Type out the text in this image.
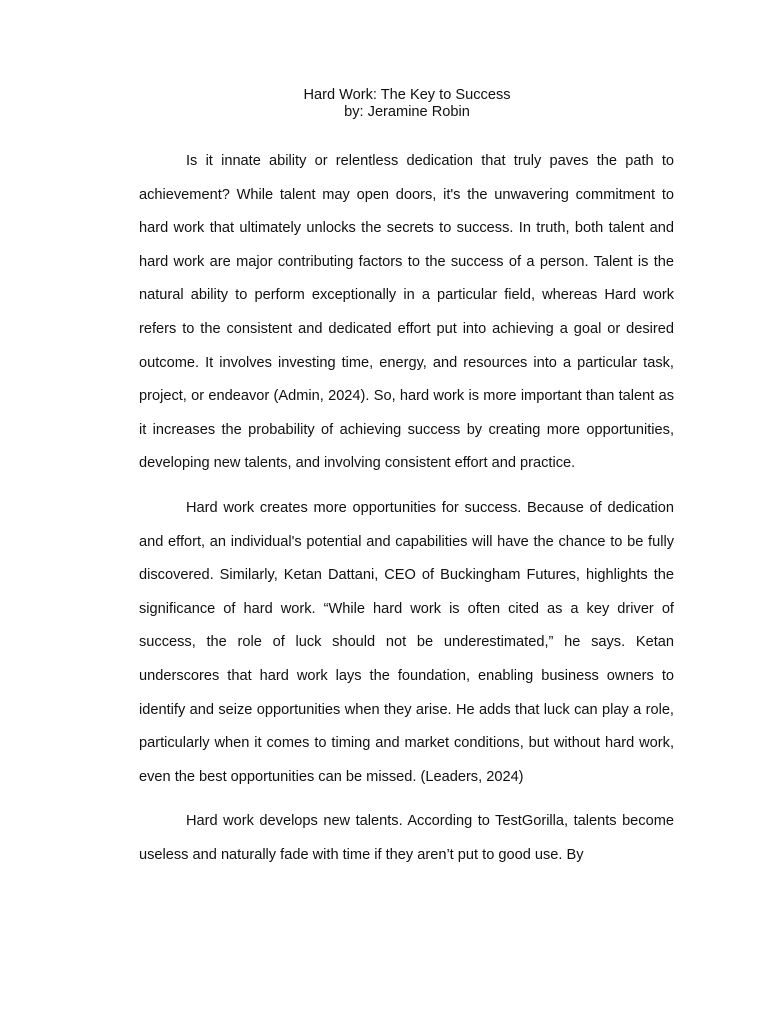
Hard Work: The Key to Success
by: Jeramine Robin

Is it innate ability or relentless dedication that truly paves the path to achievement? While talent may open doors, it's the unwavering commitment to hard work that ultimately unlocks the secrets to success. In truth, both talent and hard work are major contributing factors to the success of a person. Talent is the natural ability to perform exceptionally in a particular field, whereas Hard work refers to the consistent and dedicated effort put into achieving a goal or desired outcome. It involves investing time, energy, and resources into a particular task, project, or endeavor (Admin, 2024). So, hard work is more important than talent as it increases the probability of achieving success by creating more opportunities, developing new talents, and involving consistent effort and practice.

Hard work creates more opportunities for success. Because of dedication and effort, an individual's potential and capabilities will have the chance to be fully discovered. Similarly, Ketan Dattani, CEO of Buckingham Futures, highlights the significance of hard work. “While hard work is often cited as a key driver of success, the role of luck should not be underestimated,” he says. Ketan underscores that hard work lays the foundation, enabling business owners to identify and seize opportunities when they arise. He adds that luck can play a role, particularly when it comes to timing and market conditions, but without hard work, even the best opportunities can be missed. (Leaders, 2024)

Hard work develops new talents. According to TestGorilla, talents become useless and naturally fade with time if they aren’t put to good use. By
